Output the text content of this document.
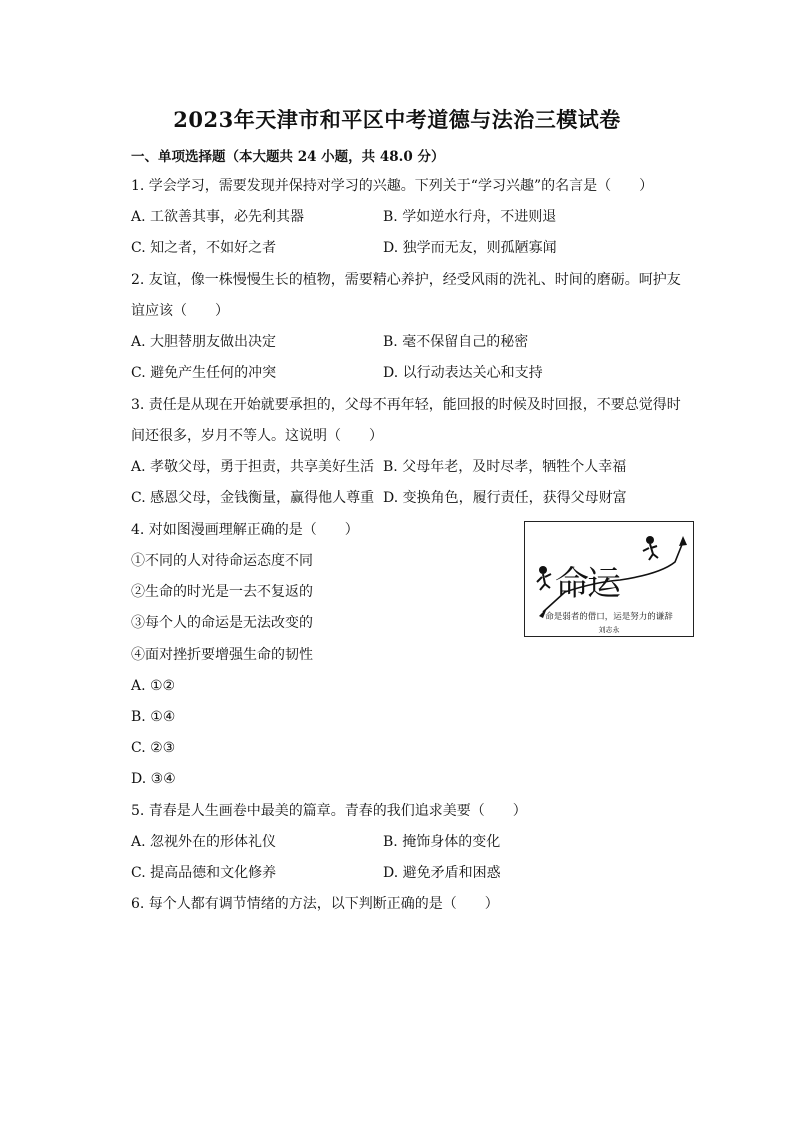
2023年天津市和平区中考道德与法治三模试卷
一、单项选择题（本大题共 24 小题，共 48.0 分）
1. 学会学习，需要发现并保持对学习的兴趣。下列关于“学习兴趣”的名言是（　　）
A. 工欲善其事，必先利其器	B. 学如逆水行舟，不进则退
C. 知之者，不如好之者	D. 独学而无友，则孤陋寡闻
2. 友谊，像一株慢慢生长的植物，需要精心养护，经受风雨的洗礼、时间的磨砺。呵护友
谊应该（　　）
A. 大胆替朋友做出决定	B. 毫不保留自己的秘密
C. 避免产生任何的冲突	D. 以行动表达关心和支持
3. 责任是从现在开始就要承担的，父母不再年轻，能回报的时候及时回报，不要总觉得时
间还很多，岁月不等人。这说明（　　）
A. 孝敬父母，勇于担责，共享美好生活 B. 父母年老，及时尽孝，牺牲个人幸福
C. 感恩父母，金钱衡量，赢得他人尊重 D. 变换角色，履行责任，获得父母财富
4. 对如图漫画理解正确的是（　　）
①不同的人对待命运态度不同
②生命的时光是一去不复返的
③每个人的命运是无法改变的
④面对挫折要增强生命的韧性
A. ①②
B. ①④
C. ②③
D. ③④
命运
命是弱者的借口，运是努力的谦辞
刘志永
5. 青春是人生画卷中最美的篇章。青春的我们追求美要（　　）
A. 忽视外在的形体礼仪	B. 掩饰身体的变化
C. 提高品德和文化修养	D. 避免矛盾和困惑
6. 每个人都有调节情绪的方法，以下判断正确的是（　　）
